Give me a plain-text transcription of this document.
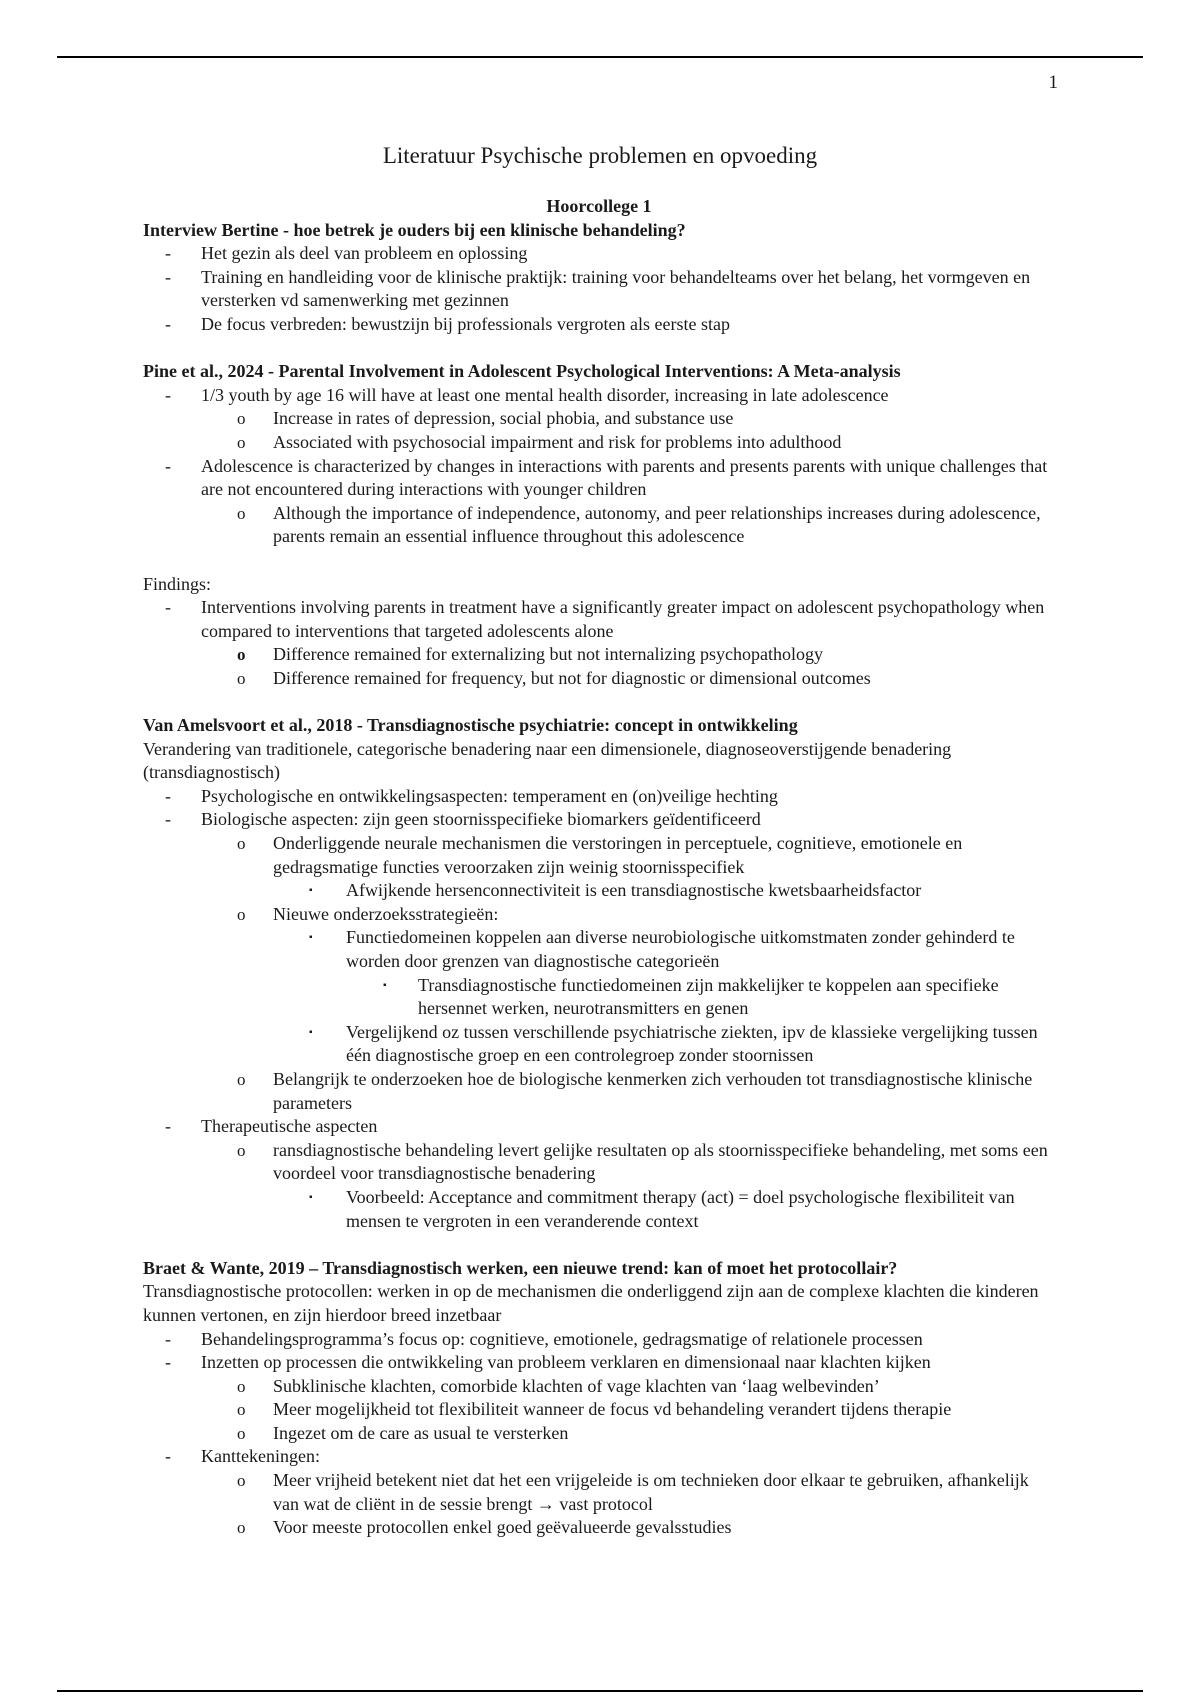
1
Literatuur Psychische problemen en opvoeding
Hoorcollege 1
Interview Bertine - hoe betrek je ouders bij een klinische behandeling?
- Het gezin als deel van probleem en oplossing
- Training en handleiding voor de klinische praktijk: training voor behandelteams over het belang, het vormgeven en versterken vd samenwerking met gezinnen
- De focus verbreden: bewustzijn bij professionals vergroten als eerste stap
Pine et al., 2024 - Parental Involvement in Adolescent Psychological Interventions: A Meta-analysis
- 1/3 youth by age 16 will have at least one mental health disorder, increasing in late adolescence
o Increase in rates of depression, social phobia, and substance use
o Associated with psychosocial impairment and risk for problems into adulthood
- Adolescence is characterized by changes in interactions with parents and presents parents with unique challenges that are not encountered during interactions with younger children
o Although the importance of independence, autonomy, and peer relationships increases during adolescence, parents remain an essential influence throughout this adolescence

Findings:

- Interventions involving parents in treatment have a significantly greater impact on adolescent psychopathology when compared to interventions that targeted adolescents alone
o Difference remained for externalizing but not internalizing psychopathology
o Difference remained for frequency, but not for diagnostic or dimensional outcomes
Van Amelsvoort et al., 2018 - Transdiagnostische psychiatrie: concept in ontwikkeling

Verandering van traditionele, categorische benadering naar een dimensionele, diagnoseoverstijgende benadering (transdiagnostisch)

- Psychologische en ontwikkelingsaspecten: temperament en (on)veilige hechting
- Biologische aspecten: zijn geen stoornisspecifieke biomarkers geïdentificeerd
o Onderliggende neurale mechanismen die verstoringen in perceptuele, cognitieve, emotionele en gedragsmatige functies veroorzaken zijn weinig stoornisspecifiek
▪ Afwijkende hersenconnectiviteit is een transdiagnostische kwetsbaarheidsfactor
o Nieuwe onderzoeksstrategieën:
▪ Functiedomeinen koppelen aan diverse neurobiologische uitkomstmaten zonder gehinderd te worden door grenzen van diagnostische categorieën
▪ Transdiagnostische functiedomeinen zijn makkelijker te koppelen aan specifieke hersennet werken, neurotransmitters en genen
▪ Vergelijkend oz tussen verschillende psychiatrische ziekten, ipv de klassieke vergelijking tussen één diagnostische groep en een controlegroep zonder stoornissen
o Belangrijk te onderzoeken hoe de biologische kenmerken zich verhouden tot transdiagnostische klinische parameters
- Therapeutische aspecten
o ransdiagnostische behandeling levert gelijke resultaten op als stoornisspecifieke behandeling, met soms een voordeel voor transdiagnostische benadering
▪ Voorbeeld: Acceptance and commitment therapy (act) = doel psychologische flexibiliteit van mensen te vergroten in een veranderende context
Braet & Wante, 2019 – Transdiagnostisch werken, een nieuwe trend: kan of moet het protocollair?

Transdiagnostische protocollen: werken in op de mechanismen die onderliggend zijn aan de complexe klachten die kinderen kunnen vertonen, en zijn hierdoor breed inzetbaar

- Behandelingsprogramma’s focus op: cognitieve, emotionele, gedragsmatige of relationele processen
- Inzetten op processen die ontwikkeling van probleem verklaren en dimensionaal naar klachten kijken
o Subklinische klachten, comorbide klachten of vage klachten van ‘laag welbevinden’
o Meer mogelijkheid tot flexibiliteit wanneer de focus vd behandeling verandert tijdens therapie
o Ingezet om de care as usual te versterken
- Kanttekeningen:
o Meer vrijheid betekent niet dat het een vrijgeleide is om technieken door elkaar te gebruiken, afhankelijk van wat de cliënt in de sessie brengt → vast protocol
o Voor meeste protocollen enkel goed geëvalueerde gevalsstudies
